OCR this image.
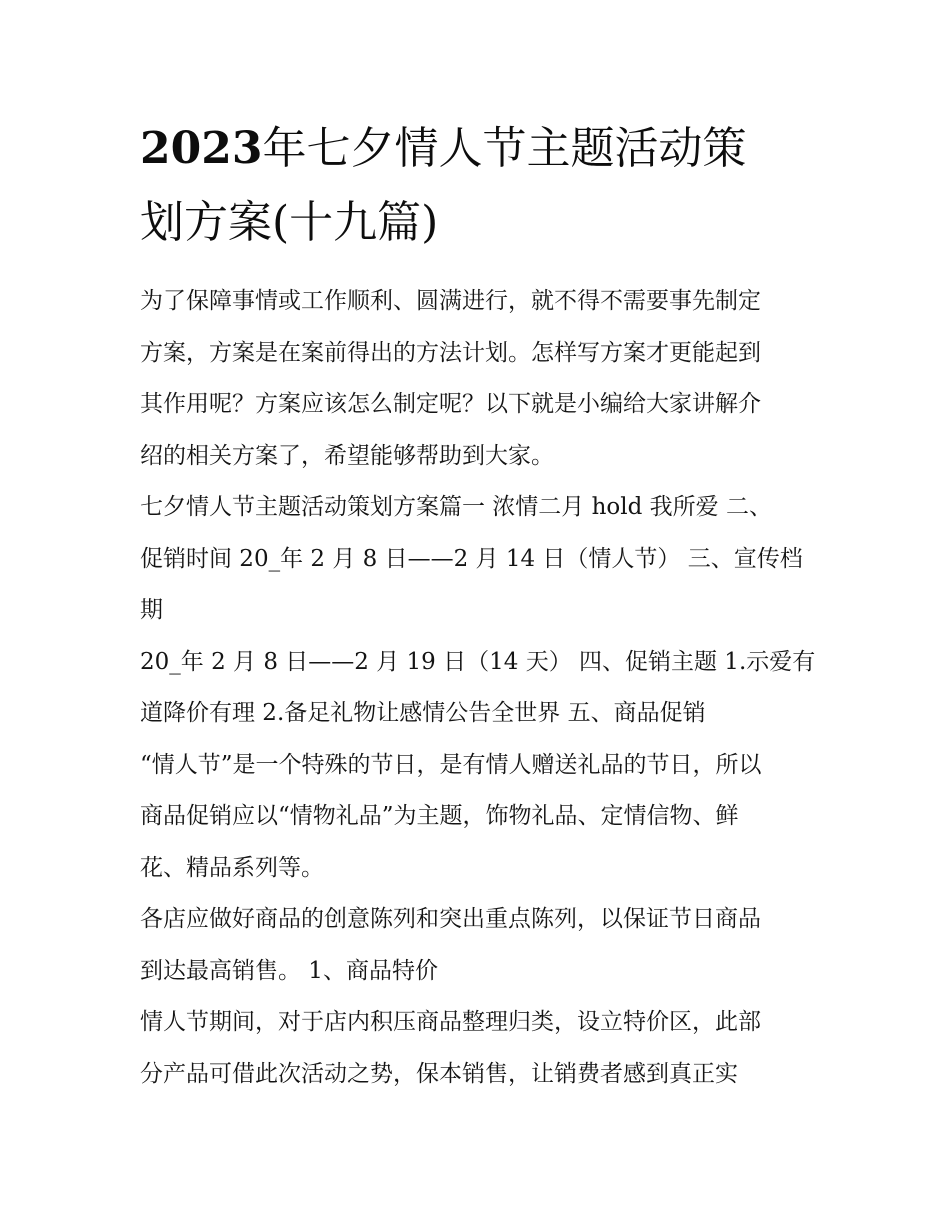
2023年七夕情人节主题活动策
划方案(十九篇)

为了保障事情或工作顺利、圆满进行，就不得不需要事先制定
方案，方案是在案前得出的方法计划。怎样写方案才更能起到
其作用呢？方案应该怎么制定呢？以下就是小编给大家讲解介
绍的相关方案了，希望能够帮助到大家。

七夕情人节主题活动策划方案篇一 浓情二月 hold 我所爱 二、
促销时间 20_年 2 月 8 日——2 月 14 日（情人节） 三、宣传档
期

20_年 2 月 8 日——2 月 19 日（14 天） 四、促销主题 1.示爱有
道降价有理 2.备足礼物让感情公告全世界 五、商品促销

“情人节”是一个特殊的节日，是有情人赠送礼品的节日，所以
商品促销应以“情物礼品”为主题，饰物礼品、定情信物、鲜
花、精品系列等。

各店应做好商品的创意陈列和突出重点陈列，以保证节日商品
到达最高销售。 1、商品特价

情人节期间，对于店内积压商品整理归类，设立特价区，此部
分产品可借此次活动之势，保本销售，让销费者感到真正实
